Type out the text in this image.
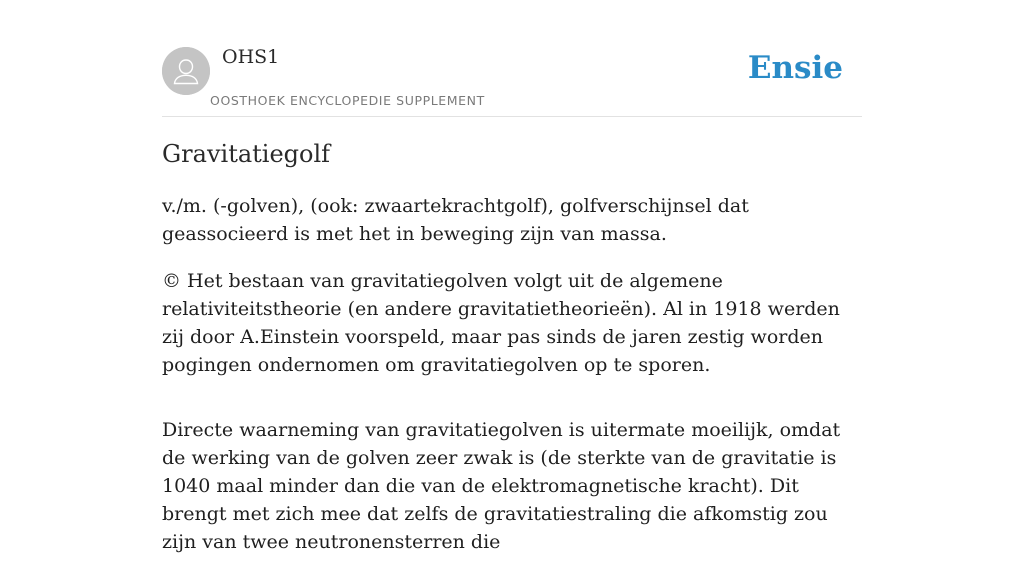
OHS1
OOSTHOEK ENCYCLOPEDIE SUPPLEMENT
Ensie
Gravitatiegolf

v./m. (-golven), (ook: zwaartekrachtgolf), golfverschijnsel dat geassocieerd is met het in beweging zijn van massa.

© Het bestaan van gravitatiegolven volgt uit de algemene relativiteitstheorie (en andere gravitatietheorieën). Al in 1918 werden zij door A.Einstein voorspeld, maar pas sinds de jaren zestig worden pogingen ondernomen om gravitatiegolven op te sporen.

Directe waarneming van gravitatiegolven is uitermate moeilijk, omdat de werking van de golven zeer zwak is (de sterkte van de gravitatie is 1040 maal minder dan die van de elektromagnetische kracht). Dit brengt met zich mee dat zelfs de gravitatiestraling die afkomstig zou zijn van twee neutronensterren die
